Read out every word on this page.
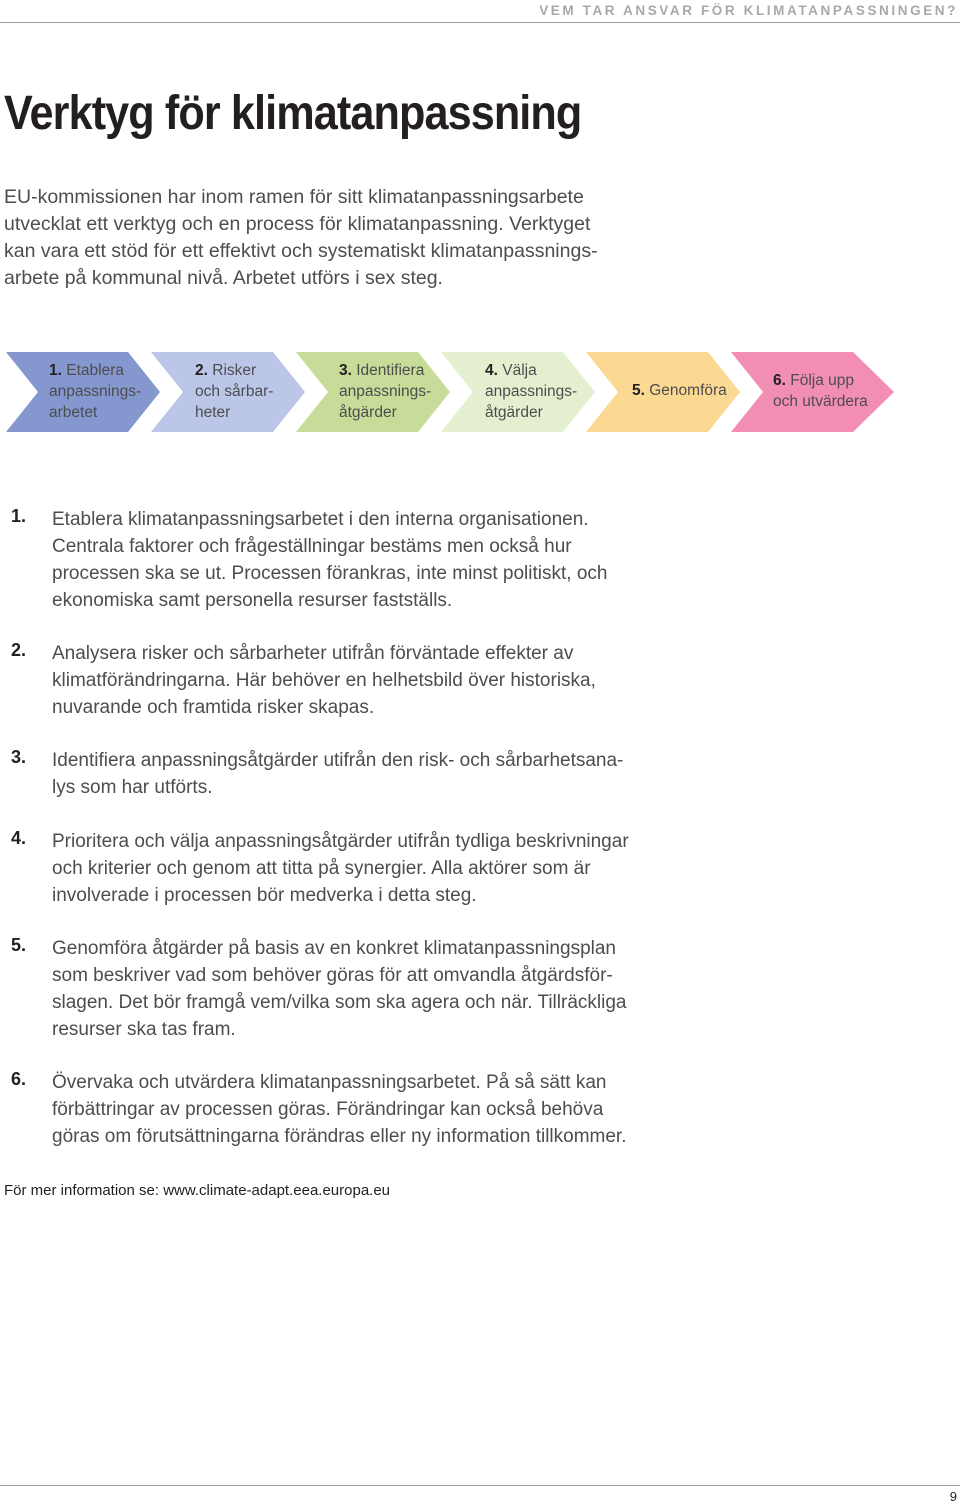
VEM TAR ANSVAR FÖR KLIMATANPASSNINGEN?
Verktyg för klimatanpassning
EU-kommissionen har inom ramen för sitt klimatanpassningsarbete
utvecklat ett verktyg och en process för klimatanpassning. Verktyget
kan vara ett stöd för ett effektivt och systematiskt klimatanpassnings-
arbete på kommunal nivå. Arbetet utförs i sex steg.
1. Etablera
anpassnings-
arbetet
2. Risker
och sårbar-
heter
3. Identifiera
anpassnings-
åtgärder
4. Välja
anpassnings-
åtgärder
5. Genomföra
6. Följa upp
och utvärdera
1. Etablera klimatanpassningsarbetet i den interna organisationen.
Centrala faktorer och frågeställningar bestäms men också hur
processen ska se ut. Processen förankras, inte minst politiskt, och
ekonomiska samt personella resurser fastställs.
2. Analysera risker och sårbarheter utifrån förväntade effekter av
klimatförändringarna. Här behöver en helhetsbild över historiska,
nuvarande och framtida risker skapas.
3. Identifiera anpassningsåtgärder utifrån den risk- och sårbarhetsana-
lys som har utförts.
4. Prioritera och välja anpassningsåtgärder utifrån tydliga beskrivningar
och kriterier och genom att titta på synergier. Alla aktörer som är
involverade i processen bör medverka i detta steg.
5. Genomföra åtgärder på basis av en konkret klimatanpassningsplan
som beskriver vad som behöver göras för att omvandla åtgärdsför-
slagen. Det bör framgå vem/vilka som ska agera och när. Tillräckliga
resurser ska tas fram.
6. Övervaka och utvärdera klimatanpassningsarbetet. På så sätt kan
förbättringar av processen göras. Förändringar kan också behöva
göras om förutsättningarna förändras eller ny information tillkommer.
För mer information se: www.climate-adapt.eea.europa.eu
9
